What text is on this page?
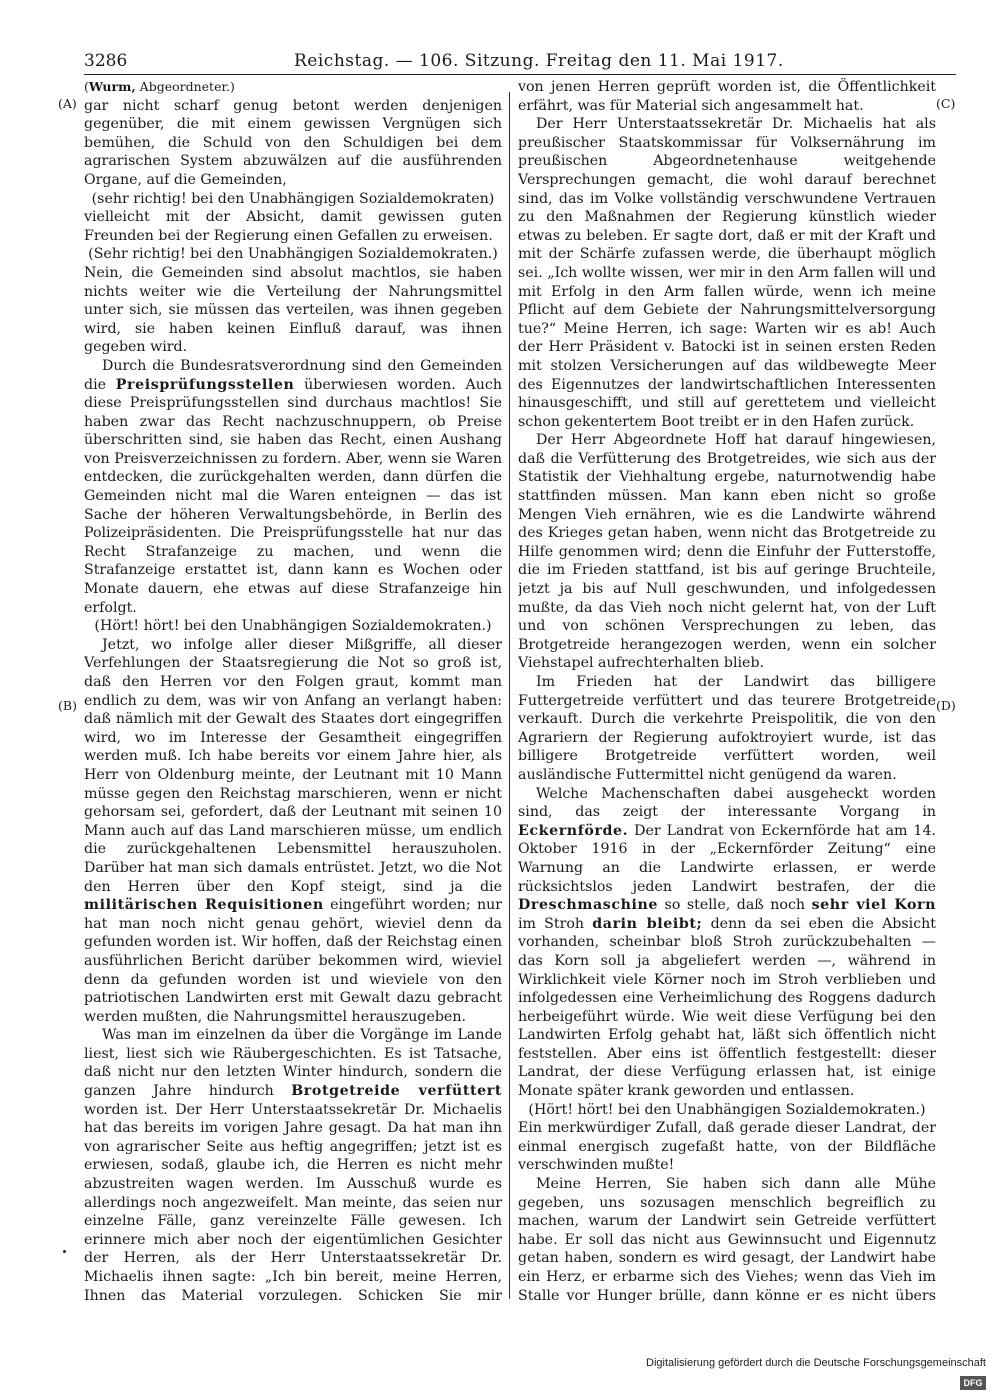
3286	Reichstag. — 106. Sitzung. Freitag den 11. Mai 1917.
(A)
(B)
(C)
(D)

(Wurm, Abgeordneter.)

gar nicht scharf genug betont werden denjenigen gegenüber, die mit einem gewissen Vergnügen sich bemühen, die Schuld von den Schuldigen bei dem agrarischen System abzuwälzen auf die ausführenden Organe, auf die Gemeinden,

(sehr richtig! bei den Unabhängigen Sozialdemokraten)

vielleicht mit der Absicht, damit gewissen guten Freunden bei der Regierung einen Gefallen zu erweisen.

(Sehr richtig! bei den Unabhängigen Sozialdemokraten.)

Nein, die Gemeinden sind absolut machtlos, sie haben nichts weiter wie die Verteilung der Nahrungsmittel unter sich, sie müssen das verteilen, was ihnen gegeben wird, sie haben keinen Einfluß darauf, was ihnen gegeben wird.

Durch die Bundesratsverordnung sind den Gemeinden die Preisprüfungsstellen überwiesen worden. Auch diese Preisprüfungsstellen sind durchaus machtlos! Sie haben zwar das Recht nachzuschnuppern, ob Preise überschritten sind, sie haben das Recht, einen Aushang von Preisverzeichnissen zu fordern. Aber, wenn sie Waren entdecken, die zurückgehalten werden, dann dürfen die Gemeinden nicht mal die Waren enteignen — das ist Sache der höheren Verwaltungsbehörde, in Berlin des Polizeipräsidenten. Die Preisprüfungsstelle hat nur das Recht Strafanzeige zu machen, und wenn die Strafanzeige erstattet ist, dann kann es Wochen oder Monate dauern, ehe etwas auf diese Strafanzeige hin erfolgt.

(Hört! hört! bei den Unabhängigen Sozialdemokraten.)

Jetzt, wo infolge aller dieser Mißgriffe, all dieser Verfehlungen der Staatsregierung die Not so groß ist, daß den Herren vor den Folgen graut, kommt man endlich zu dem, was wir von Anfang an verlangt haben: daß nämlich mit der Gewalt des Staates dort eingegriffen wird, wo im Interesse der Gesamtheit eingegriffen werden muß. Ich habe bereits vor einem Jahre hier, als Herr von Oldenburg meinte, der Leutnant mit 10 Mann müsse gegen den Reichstag marschieren, wenn er nicht gehorsam sei, gefordert, daß der Leutnant mit seinen 10 Mann auch auf das Land marschieren müsse, um endlich die zurückgehaltenen Lebensmittel herauszuholen. Darüber hat man sich damals entrüstet. Jetzt, wo die Not den Herren über den Kopf steigt, sind ja die militärischen Requisitionen eingeführt worden; nur hat man noch nicht genau gehört, wieviel denn da gefunden worden ist. Wir hoffen, daß der Reichstag einen ausführlichen Bericht darüber bekommen wird, wieviel denn da gefunden worden ist und wieviele von den patriotischen Landwirten erst mit Gewalt dazu gebracht werden mußten, die Nahrungsmittel herauszugeben.

Was man im einzelnen da über die Vorgänge im Lande liest, liest sich wie Räubergeschichten. Es ist Tatsache, daß nicht nur den letzten Winter hindurch, sondern die ganzen Jahre hindurch Brotgetreide verfüttert worden ist. Der Herr Unterstaatssekretär Dr. Michaelis hat das bereits im vorigen Jahre gesagt. Da hat man ihn von agrarischer Seite aus heftig angegriffen; jetzt ist es erwiesen, sodaß, glaube ich, die Herren es nicht mehr abzustreiten wagen werden. Im Ausschuß wurde es allerdings noch angezweifelt. Man meinte, das seien nur einzelne Fälle, ganz vereinzelte Fälle gewesen. Ich erinnere mich aber noch der eigentümlichen Gesichter der Herren, als der Herr Unterstaatssekretär Dr. Michaelis ihnen sagte: „Ich bin bereit, meine Herren, Ihnen das Material vorzulegen. Schicken Sie mir

von jenen Herren geprüft worden ist, die Öffentlichkeit erfährt, was für Material sich angesammelt hat.

Der Herr Unterstaatssekretär Dr. Michaelis hat als preußischer Staatskommissar für Volksernährung im preußischen Abgeordnetenhause weitgehende Versprechungen gemacht, die wohl darauf berechnet sind, das im Volke vollständig verschwundene Vertrauen zu den Maßnahmen der Regierung künstlich wieder etwas zu beleben. Er sagte dort, daß er mit der Kraft und mit der Schärfe zufassen werde, die überhaupt möglich sei. „Ich wollte wissen, wer mir in den Arm fallen will und mit Erfolg in den Arm fallen würde, wenn ich meine Pflicht auf dem Gebiete der Nahrungsmittelversorgung tue?“ Meine Herren, ich sage: Warten wir es ab! Auch der Herr Präsident v. Batocki ist in seinen ersten Reden mit stolzen Versicherungen auf das wildbewegte Meer des Eigennutzes der landwirtschaftlichen Interessenten hinausgeschifft, und still auf gerettetem und vielleicht schon gekentertem Boot treibt er in den Hafen zurück.

Der Herr Abgeordnete Hoff hat darauf hingewiesen, daß die Verfütterung des Brotgetreides, wie sich aus der Statistik der Viehhaltung ergebe, naturnotwendig habe stattfinden müssen. Man kann eben nicht so große Mengen Vieh ernähren, wie es die Landwirte während des Krieges getan haben, wenn nicht das Brotgetreide zu Hilfe genommen wird; denn die Einfuhr der Futterstoffe, die im Frieden stattfand, ist bis auf geringe Bruchteile, jetzt ja bis auf Null geschwunden, und infolgedessen mußte, da das Vieh noch nicht gelernt hat, von der Luft und von schönen Versprechungen zu leben, das Brotgetreide herangezogen werden, wenn ein solcher Viehstapel aufrechterhalten blieb.

Im Frieden hat der Landwirt das billigere Futtergetreide verfüttert und das teurere Brotgetreide verkauft. Durch die verkehrte Preispolitik, die von den Agrariern der Regierung aufoktroyiert wurde, ist das billigere Brotgetreide verfüttert worden, weil ausländische Futtermittel nicht genügend da waren.

Welche Machenschaften dabei ausgeheckt worden sind, das zeigt der interessante Vorgang in Eckernförde. Der Landrat von Eckernförde hat am 14. Oktober 1916 in der „Eckernförder Zeitung“ eine Warnung an die Landwirte erlassen, er werde rücksichtslos jeden Landwirt bestrafen, der die Dreschmaschine so stelle, daß noch sehr viel Korn im Stroh darin bleibt; denn da sei eben die Absicht vorhanden, scheinbar bloß Stroh zurückzubehalten — das Korn soll ja abgeliefert werden —, während in Wirklichkeit viele Körner noch im Stroh verblieben und infolgedessen eine Verheimlichung des Roggens dadurch herbeigeführt würde. Wie weit diese Verfügung bei den Landwirten Erfolg gehabt hat, läßt sich öffentlich nicht feststellen. Aber eins ist öffentlich festgestellt: dieser Landrat, der diese Verfügung erlassen hat, ist einige Monate später krank geworden und entlassen.

(Hört! hört! bei den Unabhängigen Sozialdemokraten.)

Ein merkwürdiger Zufall, daß gerade dieser Landrat, der einmal energisch zugefaßt hatte, von der Bildfläche verschwinden mußte!

Meine Herren, Sie haben sich dann alle Mühe gegeben, uns sozusagen menschlich begreiflich zu machen, warum der Landwirt sein Getreide verfüttert habe. Er soll das nicht aus Gewinnsucht und Eigennutz getan haben, sondern es wird gesagt, der Landwirt habe ein Herz, er erbarme sich des Viehes; wenn das Vieh im Stalle vor Hunger brülle, dann könne er es nicht übers

Digitalisierung gefördert durch die Deutsche Forschungsgemeinschaft DFG
